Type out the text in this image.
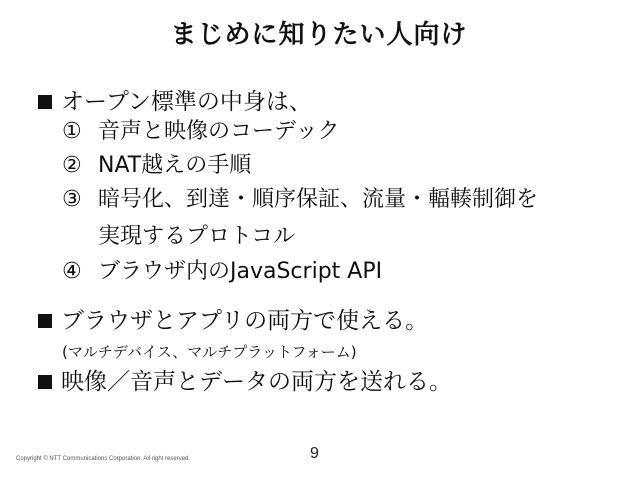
まじめに知りたい人向け
オープン標準の中身は、
① 音声と映像のコーデック
② NAT越えの手順
③ 暗号化、到達・順序保証、流量・輻輳制御を
実現するプロトコル
④ ブラウザ内のJavaScript API
ブラウザとアプリの両方で使える。
(マルチデバイス、マルチプラットフォーム)
映像／音声とデータの両方を送れる。
Copyright © NTT Communications Corporation. All right reserved.	9
